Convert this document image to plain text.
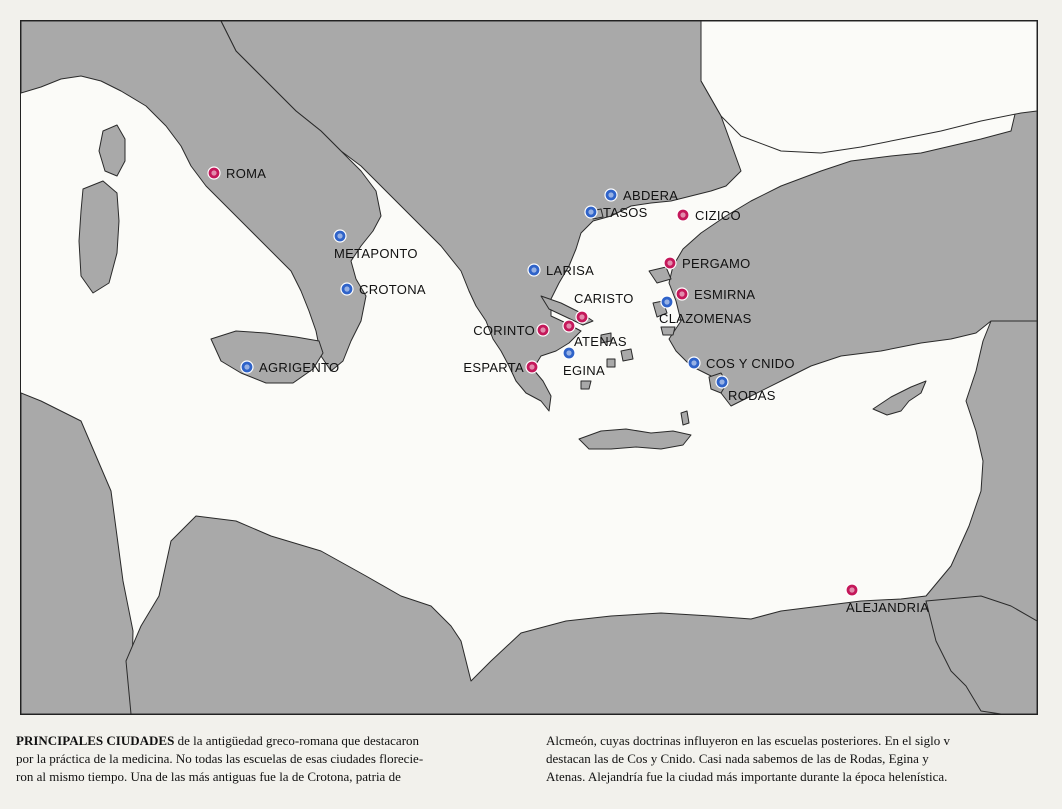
ROMA
METAPONTO
CROTONA
AGRIGENTO
ABDERA
TASOS	CIZICO
LARISA	PERGAMO
CARISTO	ESMIRNA
CLAZOMENAS
CORINTO
ATENAS
ESPARTA	EGINA	COS Y CNIDO
RODAS
ALEJANDRIA
PRINCIPALES CIUDADES de la antigüedad greco-romana que destacaron
por la práctica de la medicina. No todas las escuelas de esas ciudades florecie-
ron al mismo tiempo. Una de las más antiguas fue la de Crotona, patria de
Alcmeón, cuyas doctrinas influyeron en las escuelas posteriores. En el siglo v
destacan las de Cos y Cnido. Casi nada sabemos de las de Rodas, Egina y
Atenas. Alejandría fue la ciudad más importante durante la época helenística.
